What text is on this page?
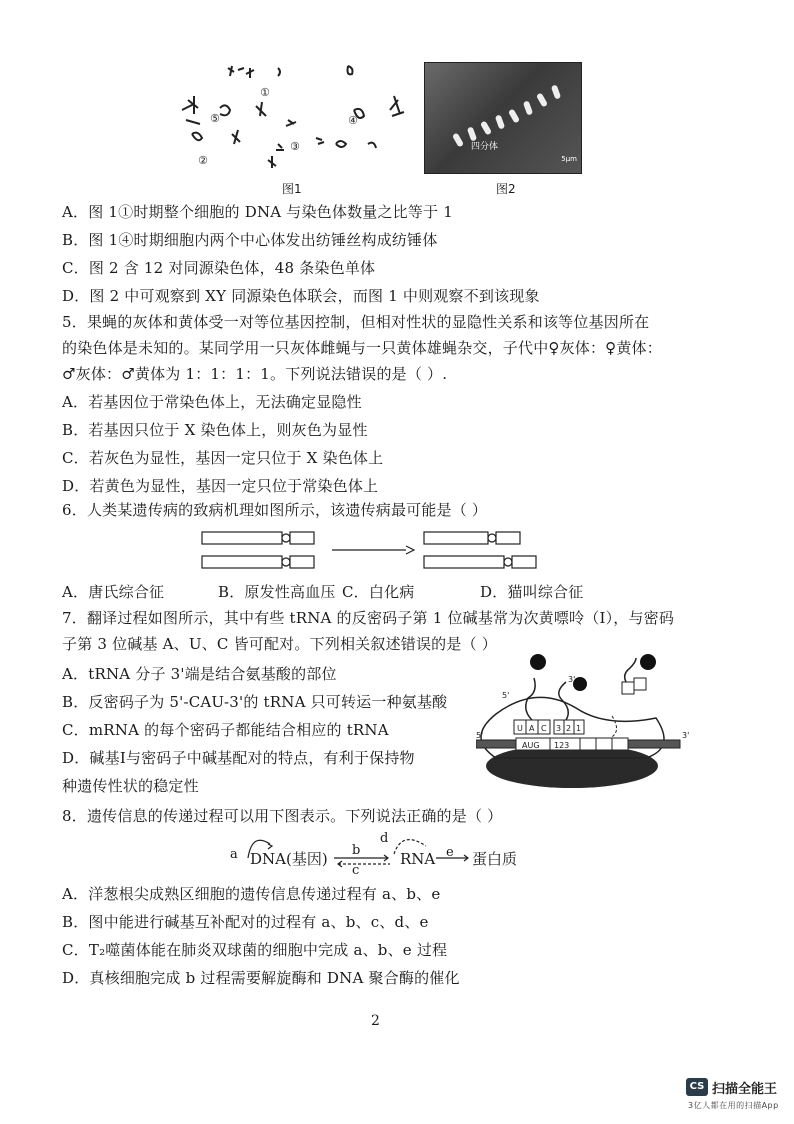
①
②
③
④
⑤
四分体
5μm
图1	图2
A．图 1①时期整个细胞的 DNA 与染色体数量之比等于 1
B．图 1④时期细胞内两个中心体发出纺锤丝构成纺锤体
C．图 2 含 12 对同源染色体，48 条染色单体
D．图 2 中可观察到 XY 同源染色体联会，而图 1 中则观察不到该现象
5．果蝇的灰体和黄体受一对等位基因控制，但相对性状的显隐性关系和该等位基因所在
的染色体是未知的。某同学用一只灰体雌蝇与一只黄体雄蝇杂交，子代中♀灰体：♀黄体：
♂灰体：♂黄体为 1：1：1：1。下列说法错误的是（ ）.
A．若基因位于常染色体上，无法确定显隐性
B．若基因只位于 X 染色体上，则灰色为显性
C．若灰色为显性，基因一定只位于 X 染色体上
D．若黄色为显性，基因一定只位于常染色体上
6．人类某遗传病的致病机理如图所示，该遗传病最可能是（ ）
A．唐氏综合征	B．原发性高血压 C．白化病	D．猫叫综合征
7．翻译过程如图所示，其中有些 tRNA 的反密码子第 1 位碱基常为次黄嘌呤（I），与密码
子第 3 位碱基 A、U、C 皆可配对。下列相关叙述错误的是（ ）
A．tRNA 分子 3'端是结合氨基酸的部位
B．反密码子为 5'-CAU-3'的 tRNA 只可转运一种氨基酸
C．mRNA 的每个密码子都能结合相应的 tRNA
D．碱基I与密码子中碱基配对的特点，有利于保持物
种遗传性状的稳定性
5'
3'
5'	3'
U A C 3 2 1
AUG 123
8．遗传信息的传递过程可以用下图表示。下列说法正确的是（ ）
a DNA(基因) b
c
d
RNA e 蛋白质
A．洋葱根尖成熟区细胞的遗传信息传递过程有 a、b、e
B．图中能进行碱基互补配对的过程有 a、b、c、d、e
C．T₂噬菌体能在肺炎双球菌的细胞中完成 a、b、e 过程
D．真核细胞完成 b 过程需要解旋酶和 DNA 聚合酶的催化
2
CS 扫描全能王
3亿人都在用的扫描App
